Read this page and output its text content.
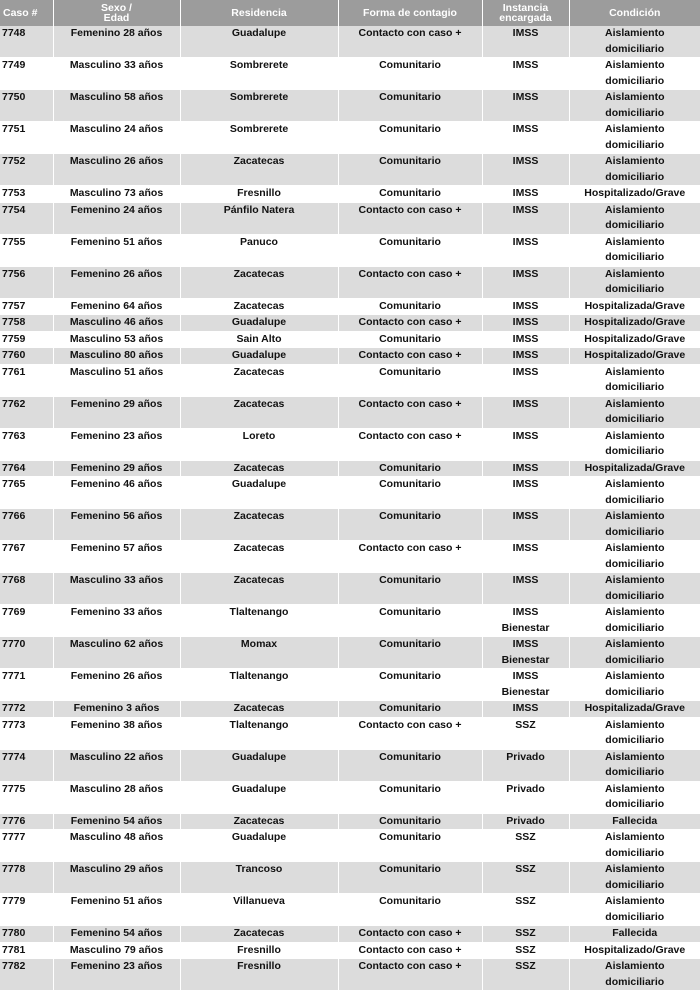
Caso #	Sexo / Edad	Residencia	Forma de contagio	Instancia encargada	Condición
7748	Femenino 28 años	Guadalupe	Contacto con caso +	IMSS	Aislamiento domiciliario
7749	Masculino 33 años	Sombrerete	Comunitario	IMSS	Aislamiento domiciliario
7750	Masculino 58 años	Sombrerete	Comunitario	IMSS	Aislamiento domiciliario
7751	Masculino 24 años	Sombrerete	Comunitario	IMSS	Aislamiento domiciliario
7752	Masculino 26 años	Zacatecas	Comunitario	IMSS	Aislamiento domiciliario
7753	Masculino 73 años	Fresnillo	Comunitario	IMSS	Hospitalizado/Grave
7754	Femenino 24 años	Pánfilo Natera	Contacto con caso +	IMSS	Aislamiento domiciliario
7755	Femenino 51 años	Panuco	Comunitario	IMSS	Aislamiento domiciliario
7756	Femenino 26 años	Zacatecas	Contacto con caso +	IMSS	Aislamiento domiciliario
7757	Femenino 64 años	Zacatecas	Comunitario	IMSS	Hospitalizada/Grave
7758	Masculino 46 años	Guadalupe	Contacto con caso +	IMSS	Hospitalizado/Grave
7759	Masculino 53 años	Sain Alto	Comunitario	IMSS	Hospitalizado/Grave
7760	Masculino 80 años	Guadalupe	Contacto con caso +	IMSS	Hospitalizado/Grave
7761	Masculino 51 años	Zacatecas	Comunitario	IMSS	Aislamiento domiciliario
7762	Femenino 29 años	Zacatecas	Contacto con caso +	IMSS	Aislamiento domiciliario
7763	Femenino 23 años	Loreto	Contacto con caso +	IMSS	Aislamiento domiciliario
7764	Femenino 29 años	Zacatecas	Comunitario	IMSS	Hospitalizada/Grave
7765	Femenino 46 años	Guadalupe	Comunitario	IMSS	Aislamiento domiciliario
7766	Femenino 56 años	Zacatecas	Comunitario	IMSS	Aislamiento domiciliario
7767	Femenino 57 años	Zacatecas	Contacto con caso +	IMSS	Aislamiento domiciliario
7768	Masculino 33 años	Zacatecas	Comunitario	IMSS	Aislamiento domiciliario
7769	Femenino 33 años	Tlaltenango	Comunitario	IMSS Bienestar	Aislamiento domiciliario
7770	Masculino 62 años	Momax	Comunitario	IMSS Bienestar	Aislamiento domiciliario
7771	Femenino 26 años	Tlaltenango	Comunitario	IMSS Bienestar	Aislamiento domiciliario
7772	Femenino 3 años	Zacatecas	Comunitario	IMSS	Hospitalizada/Grave
7773	Femenino 38 años	Tlaltenango	Contacto con caso +	SSZ	Aislamiento domiciliario
7774	Masculino 22 años	Guadalupe	Comunitario	Privado	Aislamiento domiciliario
7775	Masculino 28 años	Guadalupe	Comunitario	Privado	Aislamiento domiciliario
7776	Femenino 54 años	Zacatecas	Comunitario	Privado	Fallecida
7777	Masculino 48 años	Guadalupe	Comunitario	SSZ	Aislamiento domiciliario
7778	Masculino 29 años	Trancoso	Comunitario	SSZ	Aislamiento domiciliario
7779	Femenino 51 años	Villanueva	Comunitario	SSZ	Aislamiento domiciliario
7780	Femenino 54 años	Zacatecas	Contacto con caso +	SSZ	Fallecida
7781	Masculino 79 años	Fresnillo	Contacto con caso +	SSZ	Hospitalizado/Grave
7782	Femenino 23 años	Fresnillo	Contacto con caso +	SSZ	Aislamiento domiciliario
